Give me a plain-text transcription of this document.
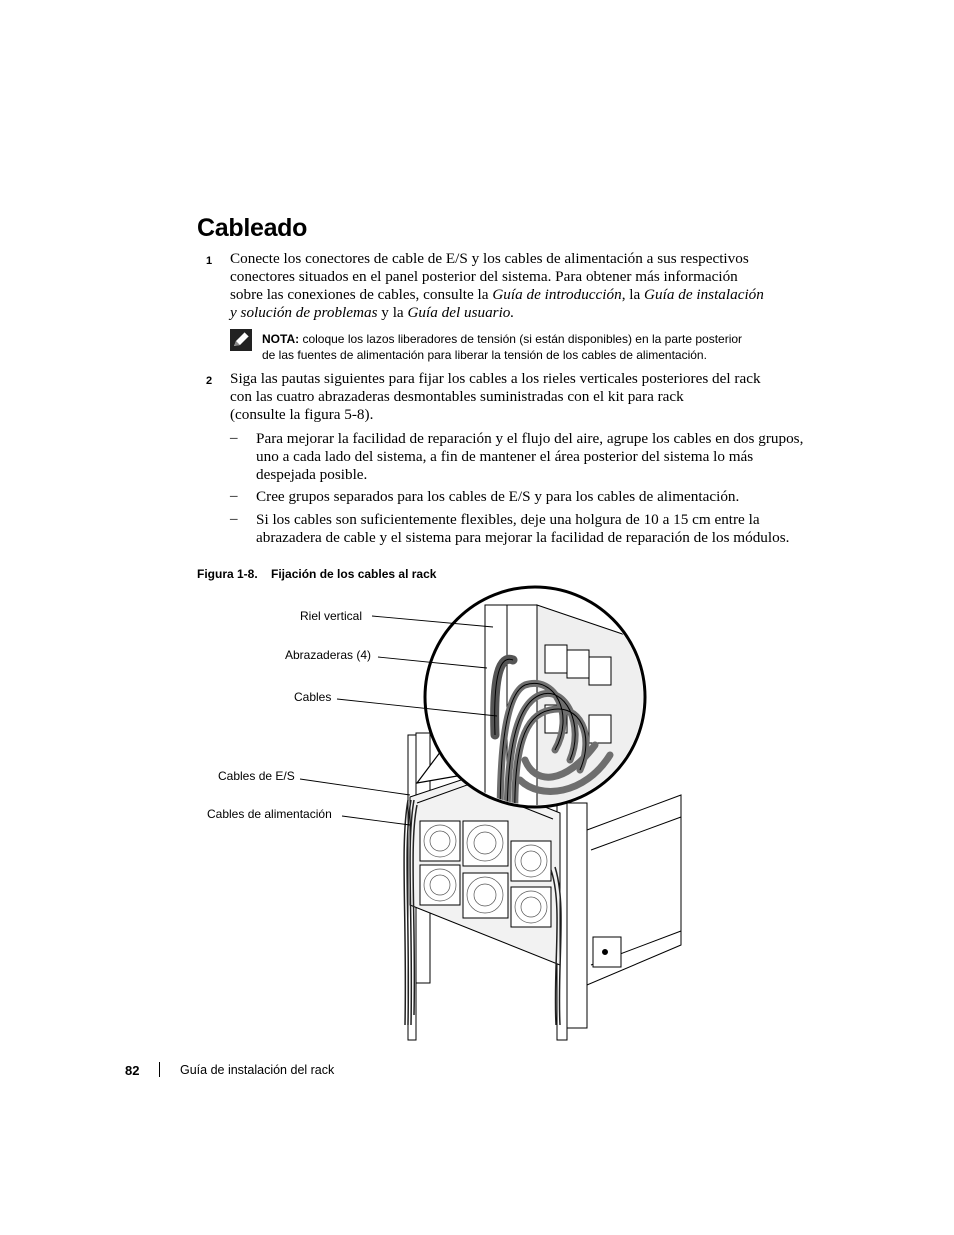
Cableado
1 Conecte los conectores de cable de E/S y los cables de alimentación a sus respectivos
conectores situados en el panel posterior del sistema. Para obtener más información
sobre las conexiones de cables, consulte la Guía de introducción, la Guía de instalación
y solución de problemas y la Guía del usuario.
NOTA: coloque los lazos liberadores de tensión (si están disponibles) en la parte posterior
de las fuentes de alimentación para liberar la tensión de los cables de alimentación.
2 Siga las pautas siguientes para fijar los cables a los rieles verticales posteriores del rack
con las cuatro abrazaderas desmontables suministradas con el kit para rack
(consulte la figura 5-8).
– Para mejorar la facilidad de reparación y el flujo del aire, agrupe los cables en dos grupos,
uno a cada lado del sistema, a fin de mantener el área posterior del sistema lo más
despejada posible.
– Cree grupos separados para los cables de E/S y para los cables de alimentación.
– Si los cables son suficientemente flexibles, deje una holgura de 10 a 15 cm entre la
abrazadera de cable y el sistema para mejorar la facilidad de reparación de los módulos.
Figura 1-8.    Fijación de los cables al rack
Riel vertical
Abrazaderas (4)
Cables
Cables de E/S
Cables de alimentación
82	Guía de instalación del rack
